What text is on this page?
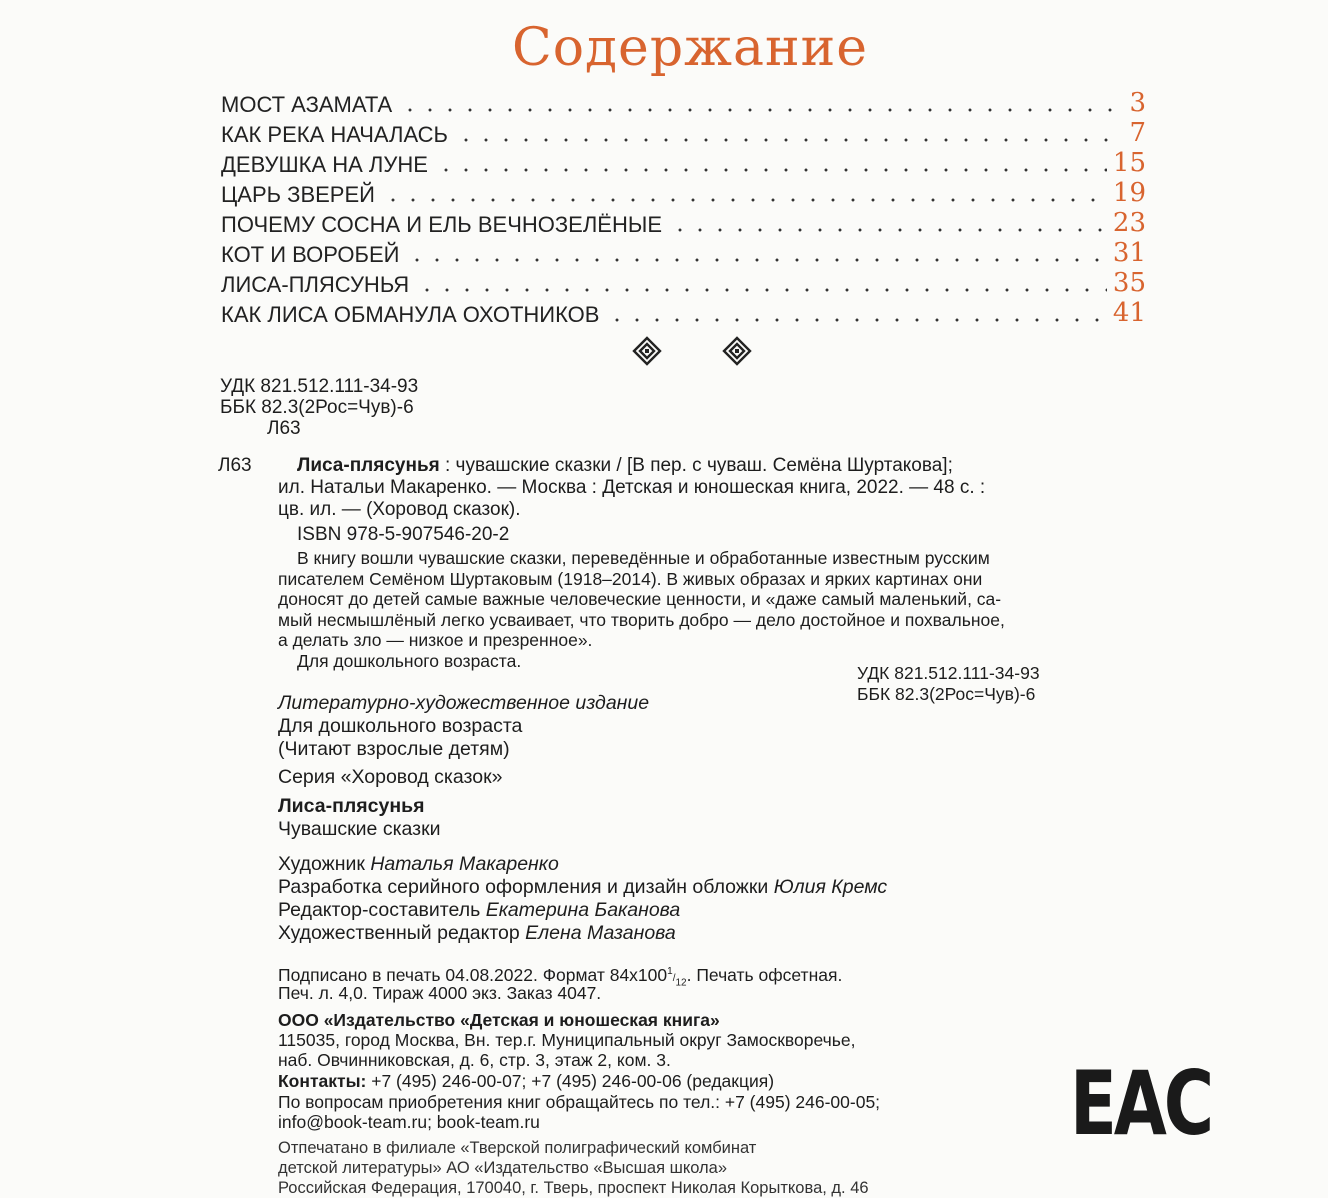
Содержание
МОСТ АЗАМАТА	3
КАК РЕКА НАЧАЛАСЬ	7
ДЕВУШКА НА ЛУНЕ	15
ЦАРЬ ЗВЕРЕЙ	19
ПОЧЕМУ СОСНА И ЕЛЬ ВЕЧНОЗЕЛЁНЫЕ	23
КОТ И ВОРОБЕЙ	31
ЛИСА-ПЛЯСУНЬЯ	35
КАК ЛИСА ОБМАНУЛА ОХОТНИКОВ	41
УДК 821.512.111-34-93
ББК 82.3(2Рос=Чув)-6
Л63
Л63 Лиса-плясунья : чувашские сказки / [В пер. с чуваш. Семёна Шуртакова];
ил. Натальи Макаренко. — Москва : Детская и юношеская книга, 2022. — 48 с. :
цв. ил. — (Хоровод сказок).
ISBN 978-5-907546-20-2
В книгу вошли чувашские сказки, переведённые и обработанные известным русским
писателем Семёном Шуртаковым (1918–2014). В живых образах и ярких картинах они
доносят до детей самые важные человеческие ценности, и «даже самый маленький, са-
мый несмышлёный легко усваивает, что творить добро — дело достойное и похвальное,
а делать зло — низкое и презренное».
Для дошкольного возраста.
УДК 821.512.111-34-93
ББК 82.3(2Рос=Чув)-6
Литературно-художественное издание
Для дошкольного возраста
(Читают взрослые детям)
Серия «Хоровод сказок»
Лиса-плясунья
Чувашские сказки
Художник Наталья Макаренко
Разработка серийного оформления и дизайн обложки Юлия Кремс
Редактор-составитель Екатерина Баканова
Художественный редактор Елена Мазанова
Подписано в печать 04.08.2022. Формат $84х100^1/_{12}$. Печать офсетная.
Печ. л. 4,0. Тираж 4000 экз. Заказ 4047.
ООО «Издательство «Детская и юношеская книга»
115035, город Москва, Вн. тер.г. Муниципальный округ Замоскворечье,
наб. Овчинниковская, д. 6, стр. 3, этаж 2, ком. 3.
Контакты: +7 (495) 246-00-07; +7 (495) 246-00-06 (редакция)
По вопросам приобретения книг обращайтесь по тел.: +7 (495) 246-00-05;
info@book-team.ru; book-team.ru
Отпечатано в филиале «Тверской полиграфический комбинат
детской литературы» АО «Издательство «Высшая школа»
Российская Федерация, 170040, г. Тверь, проспект Николая Корыткова, д. 46
EAC
